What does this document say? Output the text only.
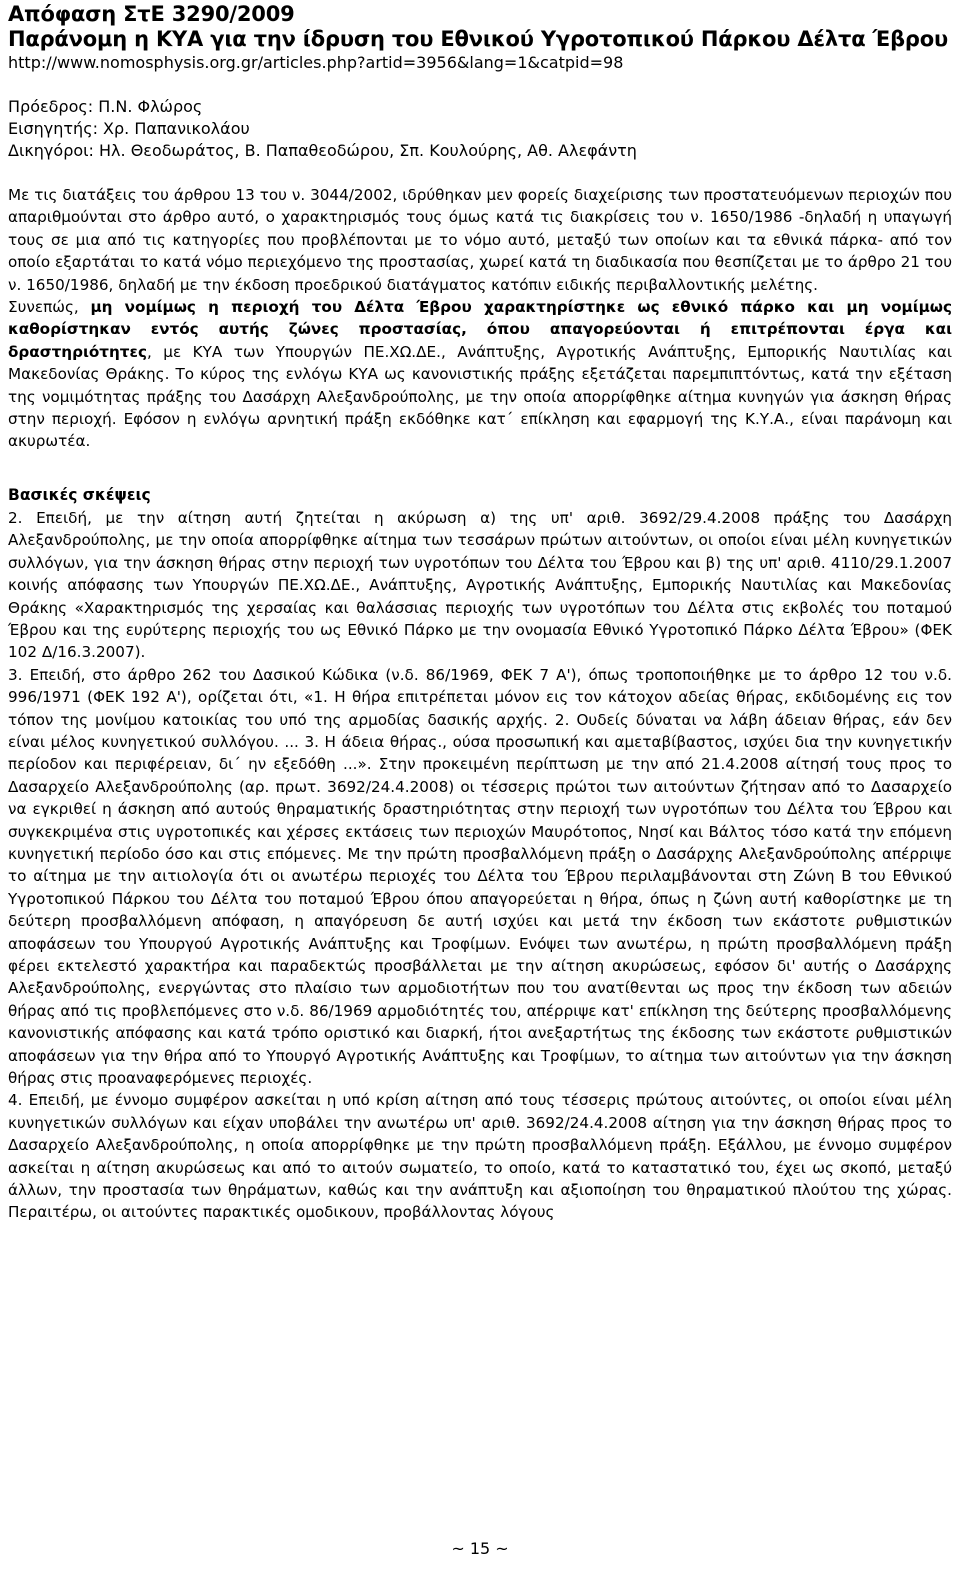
Απόφαση ΣτΕ 3290/2009
Παράνομη η ΚΥΑ για την ίδρυση του Εθνικού Υγροτοπικού Πάρκου Δέλτα Έβρου
http://www.nomosphysis.org.gr/articles.php?artid=3956&lang=1&catpid=98
Πρόεδρος: Π.Ν. Φλώρος
Εισηγητής: Χρ. Παπανικολάου
Δικηγόροι: Ηλ. Θεοδωράτος, Β. Παπαθεοδώρου, Σπ. Κουλούρης, Αθ. Αλεφάντη

Με τις διατάξεις του άρθρου 13 του ν. 3044/2002, ιδρύθηκαν μεν φορείς διαχείρισης των προστατευόμενων περιοχών που απαριθμούνται στο άρθρο αυτό, ο χαρακτηρισμός τους όμως κατά τις διακρίσεις του ν. 1650/1986 -δηλαδή η υπαγωγή τους σε μια από τις κατηγορίες που προβλέπονται με το νόμο αυτό, μεταξύ των οποίων και τα εθνικά πάρκα- από τον οποίο εξαρτάται το κατά νόμο περιεχόμενο της προστασίας, χωρεί κατά τη διαδικασία που θεσπίζεται με το άρθρο 21 του ν. 1650/1986, δηλαδή με την έκδοση προεδρικού διατάγματος κατόπιν ειδικής περιβαλλοντικής μελέτης.

Συνεπώς, μη νομίμως η περιοχή του Δέλτα Έβρου χαρακτηρίστηκε ως εθνικό πάρκο και μη νομίμως καθορίστηκαν εντός αυτής ζώνες προστασίας, όπου απαγορεύονται ή επιτρέπονται έργα και δραστηριότητες, με ΚΥΑ των Υπουργών ΠΕ.ΧΩ.ΔΕ., Ανάπτυξης, Αγροτικής Ανάπτυξης, Εμπορικής Ναυτιλίας και Μακεδονίας Θράκης. Το κύρος της ενλόγω ΚΥΑ ως κανονιστικής πράξης εξετάζεται παρεμπιπτόντως, κατά την εξέταση της νομιμότητας πράξης του Δασάρχη Αλεξανδρούπολης, με την οποία απορρίφθηκε αίτημα κυνηγών για άσκηση θήρας στην περιοχή. Εφόσον η ενλόγω αρνητική πράξη εκδόθηκε κατ΄ επίκληση και εφαρμογή της Κ.Υ.Α., είναι παράνομη και ακυρωτέα.

Βασικές σκέψεις

2. Επειδή, με την αίτηση αυτή ζητείται η ακύρωση α) της υπ' αριθ. 3692/29.4.2008 πράξης του Δασάρχη Αλεξανδρούπολης, με την οποία απορρίφθηκε αίτημα των τεσσάρων πρώτων αιτούντων, οι οποίοι είναι μέλη κυνηγετικών συλλόγων, για την άσκηση θήρας στην περιοχή των υγροτόπων του Δέλτα του Έβρου και β) της υπ' αριθ. 4110/29.1.2007 κοινής απόφασης των Υπουργών ΠΕ.ΧΩ.ΔΕ., Ανάπτυξης, Αγροτικής Ανάπτυξης, Εμπορικής Ναυτιλίας και Μακεδονίας Θράκης «Χαρακτηρισμός της χερσαίας και θαλάσσιας περιοχής των υγροτόπων του Δέλτα στις εκβολές του ποταμού Έβρου και της ευρύτερης περιοχής του ως Εθνικό Πάρκο με την ονομασία Εθνικό Υγροτοπικό Πάρκο Δέλτα Έβρου» (ΦΕΚ 102 Δ/16.3.2007).

3. Επειδή, στο άρθρο 262 του Δασικού Κώδικα (ν.δ. 86/1969, ΦΕΚ 7 Α'), όπως τροποποιήθηκε με το άρθρο 12 του ν.δ. 996/1971 (ΦΕΚ 192 Α'), ορίζεται ότι, «1. Η θήρα επιτρέπεται μόνον εις τον κάτοχον αδείας θήρας, εκδιδομένης εις τον τόπον της μονίμου κατοικίας του υπό της αρμοδίας δασικής αρχής. 2. Ουδείς δύναται να λάβη άδειαν θήρας, εάν δεν είναι μέλος κυνηγετικού συλλόγου. ... 3. Η άδεια θήρας., ούσα προσωπική και αμεταβίβαστος, ισχύει δια την κυνηγετικήν περίοδον και περιφέρειαν, δι΄ ην εξεδόθη ...». Στην προκειμένη περίπτωση με την από 21.4.2008 αίτησή τους προς το Δασαρχείο Αλεξανδρούπολης (αρ. πρωτ. 3692/24.4.2008) οι τέσσερις πρώτοι των αιτούντων ζήτησαν από το Δασαρχείο να εγκριθεί η άσκηση από αυτούς θηραματικής δραστηριότητας στην περιοχή των υγροτόπων του Δέλτα του Έβρου και συγκεκριμένα στις υγροτοπικές και χέρσες εκτάσεις των περιοχών Μαυρότοπος, Νησί και Βάλτος τόσο κατά την επόμενη κυνηγετική περίοδο όσο και στις επόμενες. Με την πρώτη προσβαλλόμενη πράξη ο Δασάρχης Αλεξανδρούπολης απέρριψε το αίτημα με την αιτιολογία ότι οι ανωτέρω περιοχές του Δέλτα του Έβρου περιλαμβάνονται στη Ζώνη Β του Εθνικού Υγροτοπικού Πάρκου του Δέλτα του ποταμού Έβρου όπου απαγορεύεται η θήρα, όπως η ζώνη αυτή καθορίστηκε με τη δεύτερη προσβαλλόμενη απόφαση, η απαγόρευση δε αυτή ισχύει και μετά την έκδοση των εκάστοτε ρυθμιστικών αποφάσεων του Υπουργού Αγροτικής Ανάπτυξης και Τροφίμων. Ενόψει των ανωτέρω, η πρώτη προσβαλλόμενη πράξη φέρει εκτελεστό χαρακτήρα και παραδεκτώς προσβάλλεται με την αίτηση ακυρώσεως, εφόσον δι' αυτής ο Δασάρχης Αλεξανδρούπολης, ενεργώντας στο πλαίσιο των αρμοδιοτήτων που του ανατίθενται ως προς την έκδοση των αδειών θήρας από τις προβλεπόμενες στο ν.δ. 86/1969 αρμοδιότητές του, απέρριψε κατ' επίκληση της δεύτερης προσβαλλόμενης κανονιστικής απόφασης και κατά τρόπο οριστικό και διαρκή, ήτοι ανεξαρτήτως της έκδοσης των εκάστοτε ρυθμιστικών αποφάσεων για την θήρα από το Υπουργό Αγροτικής Ανάπτυξης και Τροφίμων, το αίτημα των αιτούντων για την άσκηση θήρας στις προαναφερόμενες περιοχές.

4. Επειδή, με έννομο συμφέρον ασκείται η υπό κρίση αίτηση από τους τέσσερις πρώτους αιτούντες, οι οποίοι είναι μέλη κυνηγετικών συλλόγων και είχαν υποβάλει την ανωτέρω υπ' αριθ. 3692/24.4.2008 αίτηση για την άσκηση θήρας προς το Δασαρχείο Αλεξανδρούπολης, η οποία απορρίφθηκε με την πρώτη προσβαλλόμενη πράξη. Εξάλλου, με έννομο συμφέρον ασκείται η αίτηση ακυρώσεως και από το αιτούν σωματείο, το οποίο, κατά το καταστατικό του, έχει ως σκοπό, μεταξύ άλλων, την προστασία των θηράματων, καθώς και την ανάπτυξη και αξιοποίηση του θηραματικού πλούτου της χώρας. Περαιτέρω, οι αιτούντες παρακτικές ομοδικουν, προβάλλοντας λόγους

~ 15 ~
